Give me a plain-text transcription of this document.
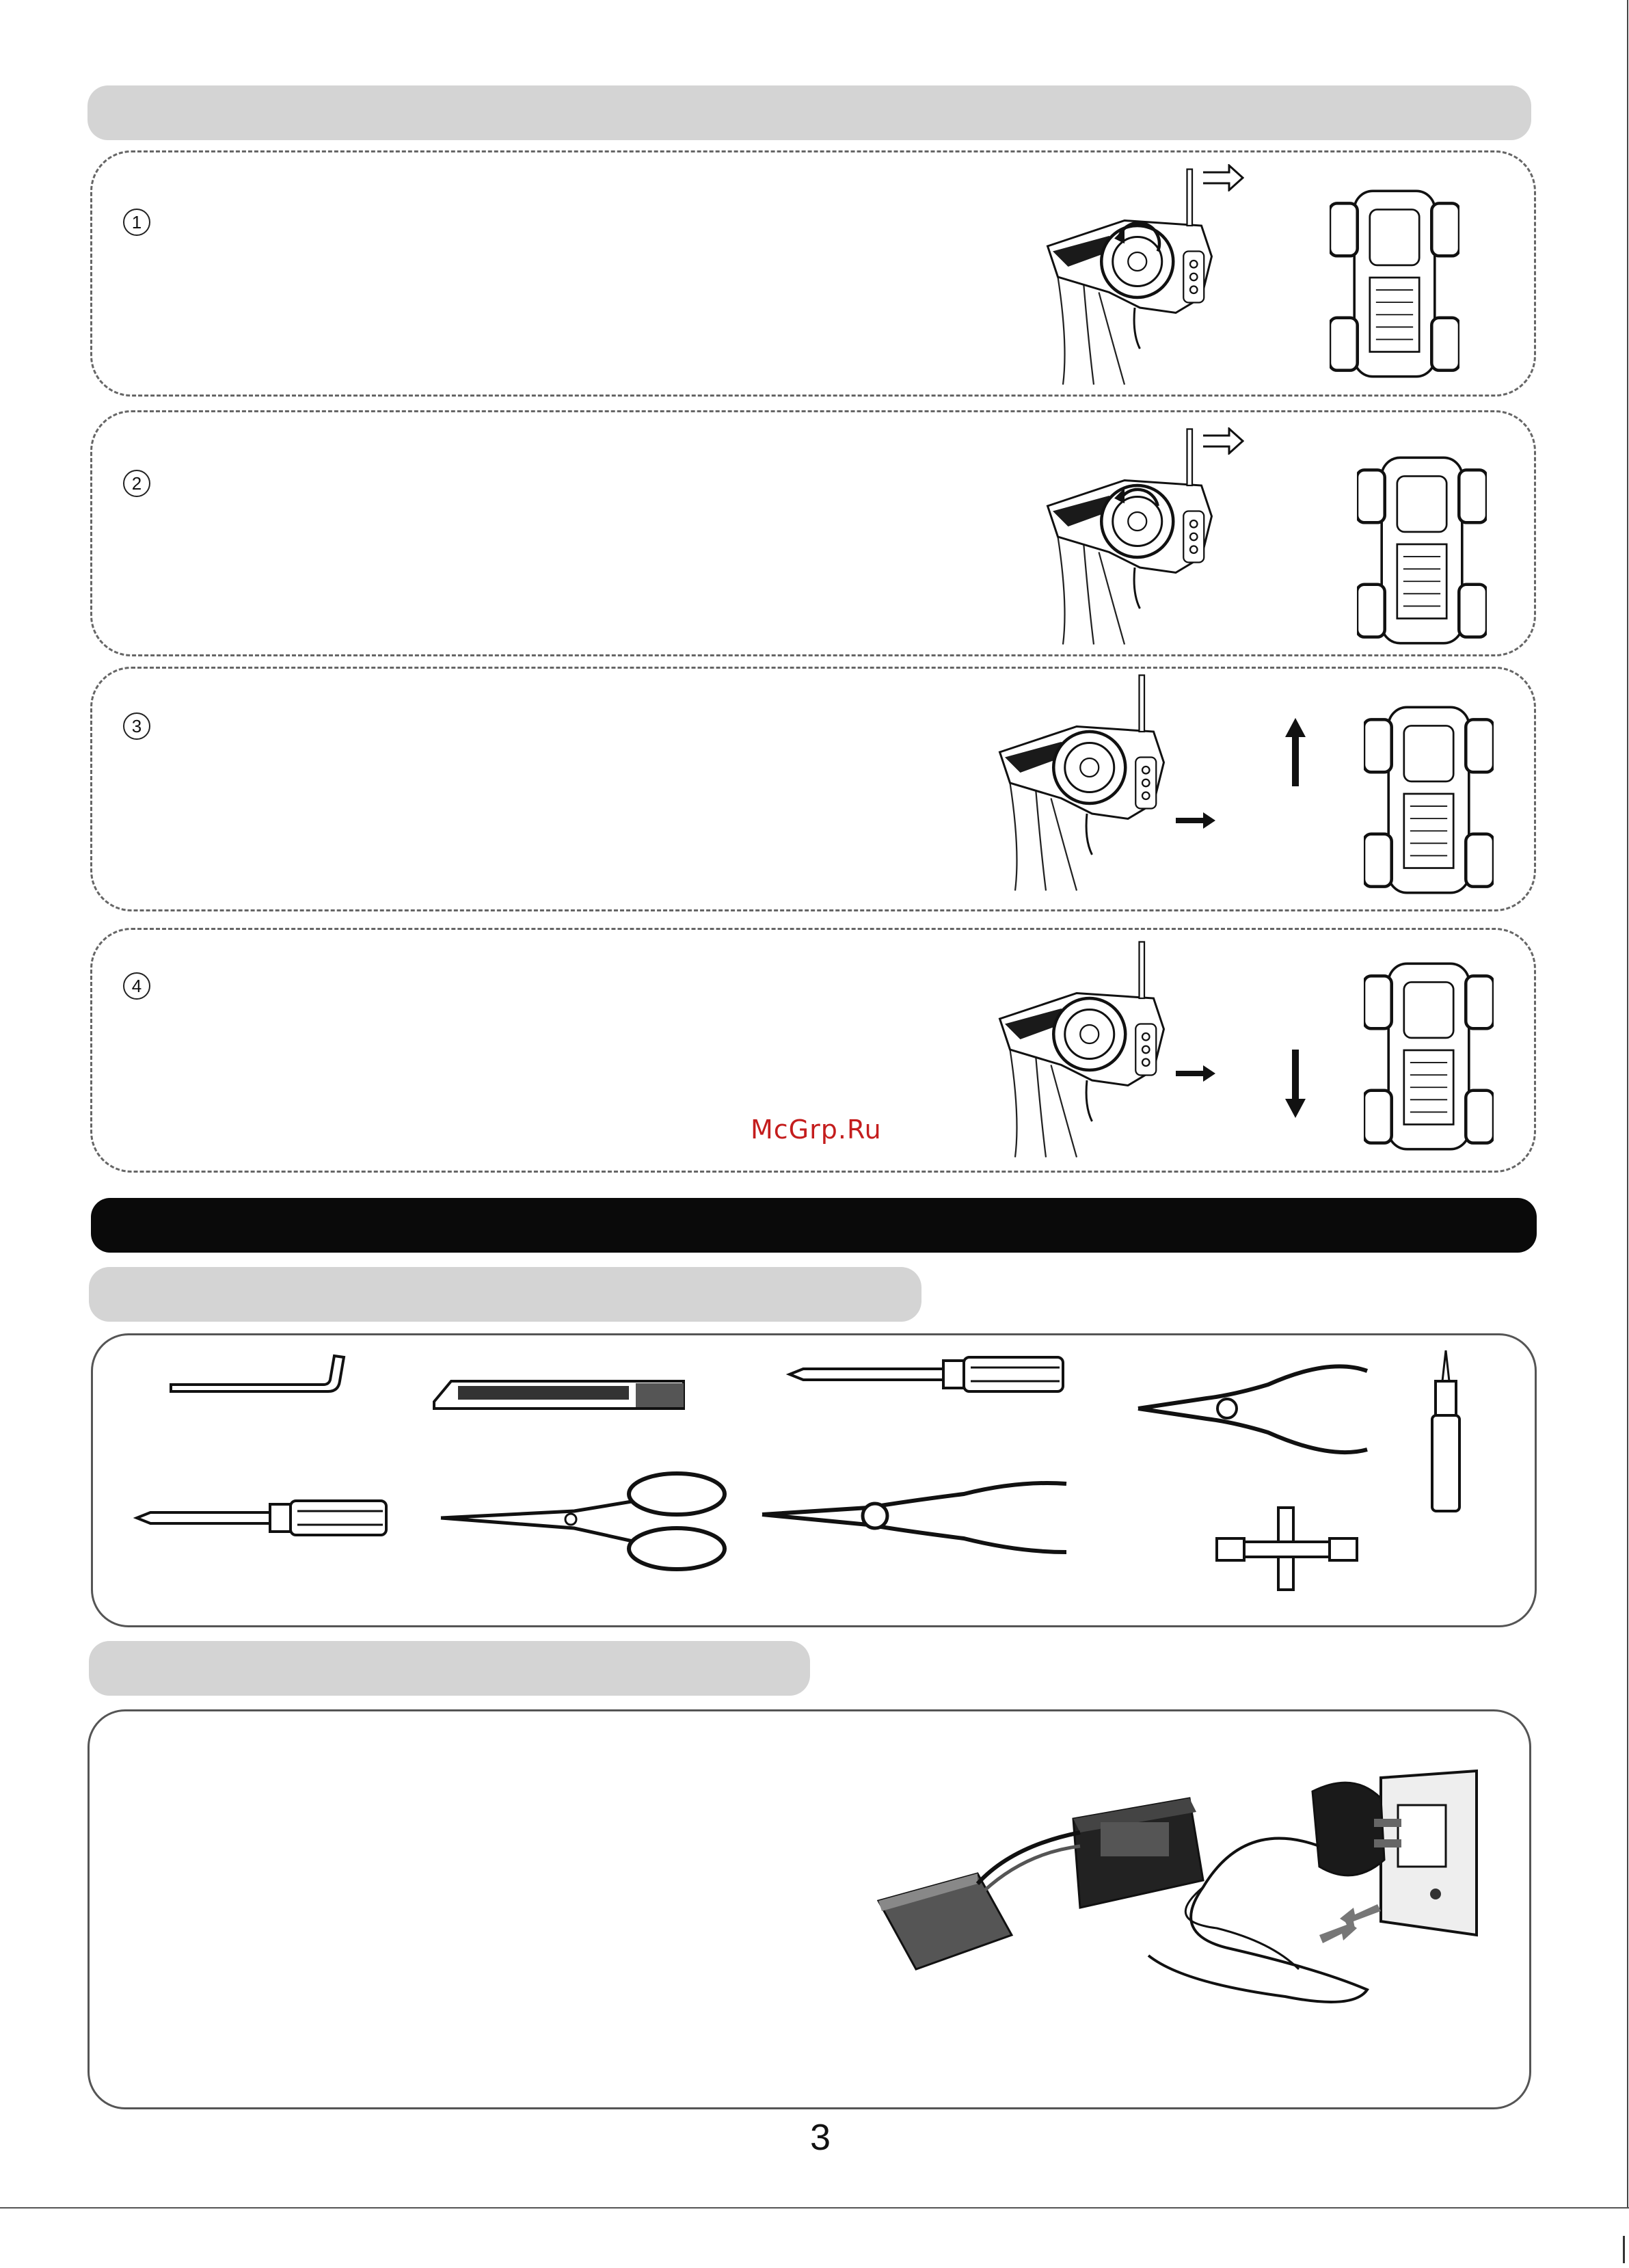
1
2
3
4
McGrp.Ru
3
